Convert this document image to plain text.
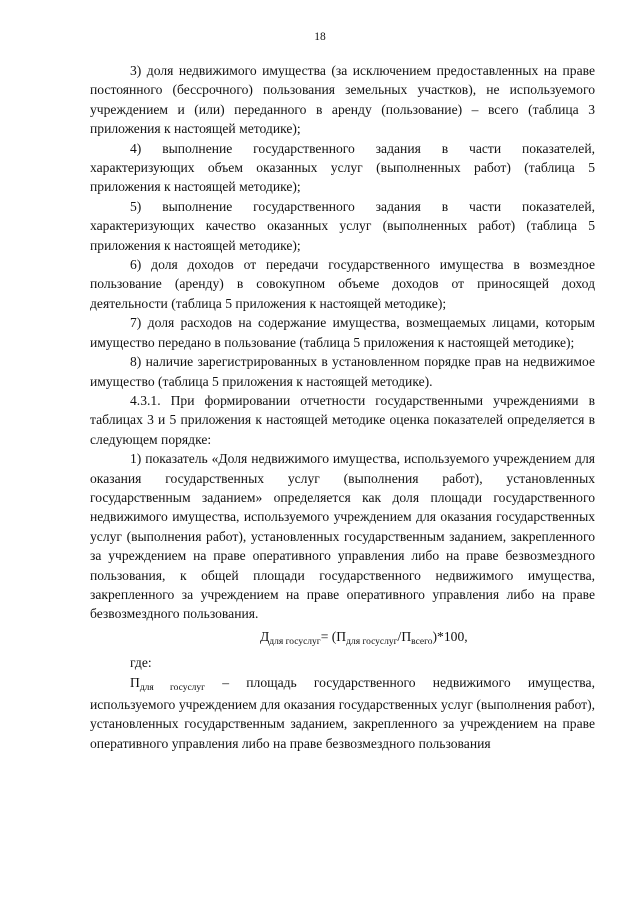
18

3) доля недвижимого имущества (за исключением предоставленных на праве постоянного (бессрочного) пользования земельных участков), не используемого учреждением и (или) переданного в аренду (пользование) – всего (таблица 3 приложения к настоящей методике);

4) выполнение государственного задания в части показателей, характеризующих объем оказанных услуг (выполненных работ) (таблица 5 приложения к настоящей методике);

5) выполнение государственного задания в части показателей, характеризующих качество оказанных услуг (выполненных работ) (таблица 5 приложения к настоящей методике);

6) доля доходов от передачи государственного имущества в возмездное пользование (аренду) в совокупном объеме доходов от приносящей доход деятельности (таблица 5 приложения к настоящей методике);

7) доля расходов на содержание имущества, возмещаемых лицами, которым имущество передано в пользование (таблица 5 приложения к настоящей методике);

8) наличие зарегистрированных в установленном порядке прав на недвижимое имущество (таблица 5 приложения к настоящей методике).

4.3.1. При формировании отчетности государственными учреждениями в таблицах 3 и 5 приложения к настоящей методике оценка показателей определяется в следующем порядке:

1) показатель «Доля недвижимого имущества, используемого учреждением для оказания государственных услуг (выполнения работ), установленных государственным заданием» определяется как доля площади государственного недвижимого имущества, используемого учреждением для оказания государственных услуг (выполнения работ), установленных государственным заданием, закрепленного за учреждением на праве оперативного управления либо на праве безвозмездного пользования, к общей площади государственного недвижимого имущества, закрепленного за учреждением на праве оперативного управления либо на праве безвозмездного пользования.

$Д_{для госуслуг}= (П_{для госуслуг}/П_{всего})*100$,

где:

$П_{для госуслуг}$ – площадь государственного недвижимого имущества, используемого учреждением для оказания государственных услуг (выполнения работ), установленных государственным заданием, закрепленного за учреждением на праве оперативного управления либо на праве безвозмездного пользования
